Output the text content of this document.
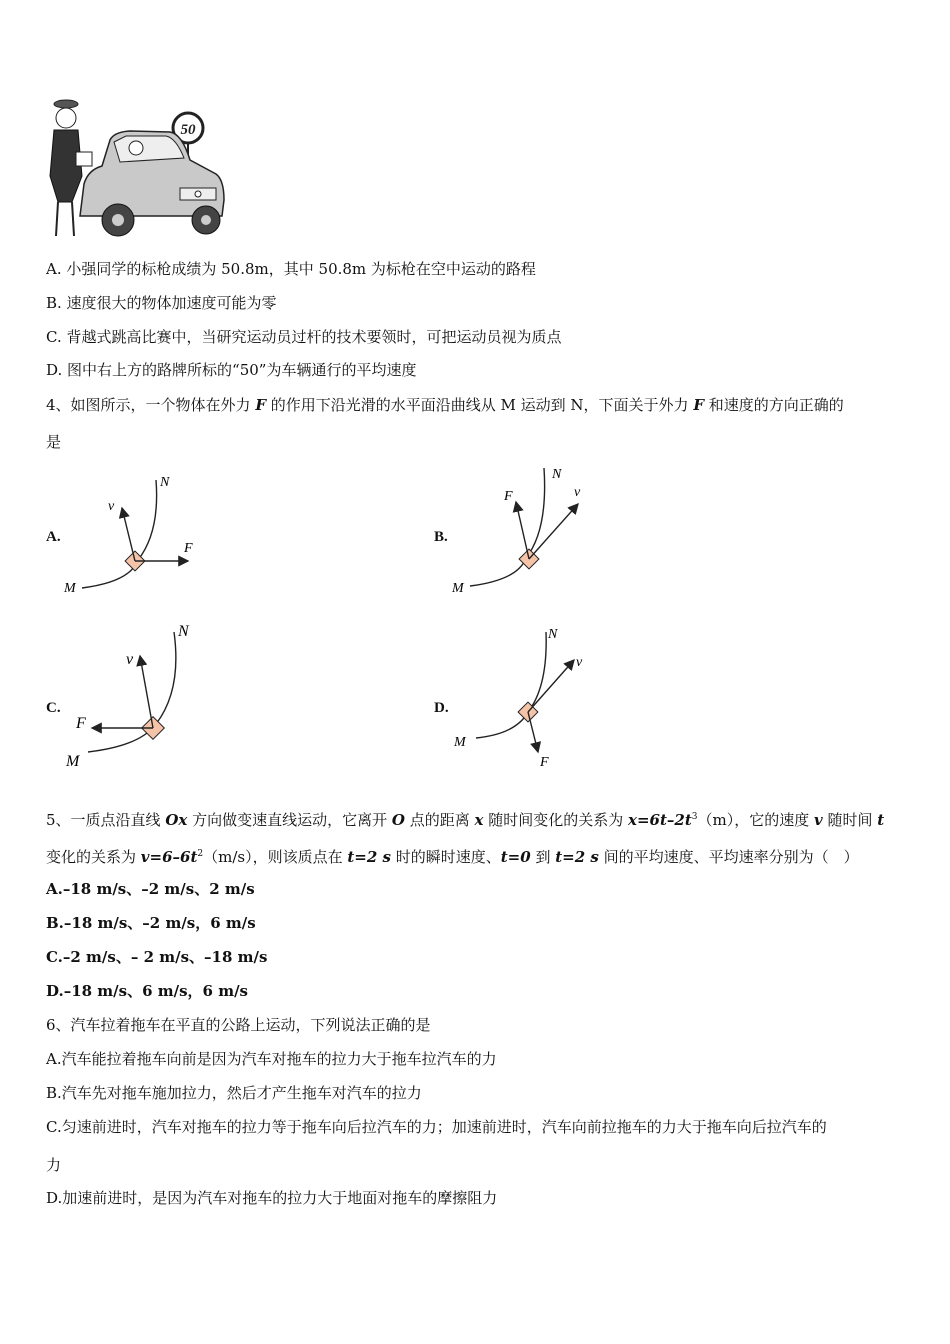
50
A. 小强同学的标枪成绩为 50.8m，其中 50.8m 为标枪在空中运动的路程
B. 速度很大的物体加速度可能为零
C. 背越式跳高比赛中，当研究运动员过杆的技术要领时，可把运动员视为质点
D. 图中右上方的路牌所标的“50”为车辆通行的平均速度
4、如图所示，一个物体在外力 F 的作用下沿光滑的水平面沿曲线从 M 运动到 N，下面关于外力 F 和速度的方向正确的
是
A.	B.
C.	D.
N
M
v
F
N
M
F	v
N
M
v
F
N
M
v
F
5、一质点沿直线 Ox 方向做变速直线运动，它离开 O 点的距离 x 随时间变化的关系为 $x=6t-2t^3(m)$，它的速度 v 随时间 t
变化的关系为 $v=6-6t^2(m/s)$，则该质点在 t=2 s 时的瞬时速度、t=0 到 t=2 s 间的平均速度、平均速率分别为（　）
A.–18 m/s、–2 m/s、2 m/s
B.–18 m/s、–2 m/s，6 m/s
C.–2 m/s、– 2 m/s、–18 m/s
D.–18 m/s、6 m/s，6 m/s
6、汽车拉着拖车在平直的公路上运动，下列说法正确的是
A.汽车能拉着拖车向前是因为汽车对拖车的拉力大于拖车拉汽车的力
B.汽车先对拖车施加拉力，然后才产生拖车对汽车的拉力
C.匀速前进时，汽车对拖车的拉力等于拖车向后拉汽车的力；加速前进时，汽车向前拉拖车的力大于拖车向后拉汽车的
力
D.加速前进时，是因为汽车对拖车的拉力大于地面对拖车的摩擦阻力
